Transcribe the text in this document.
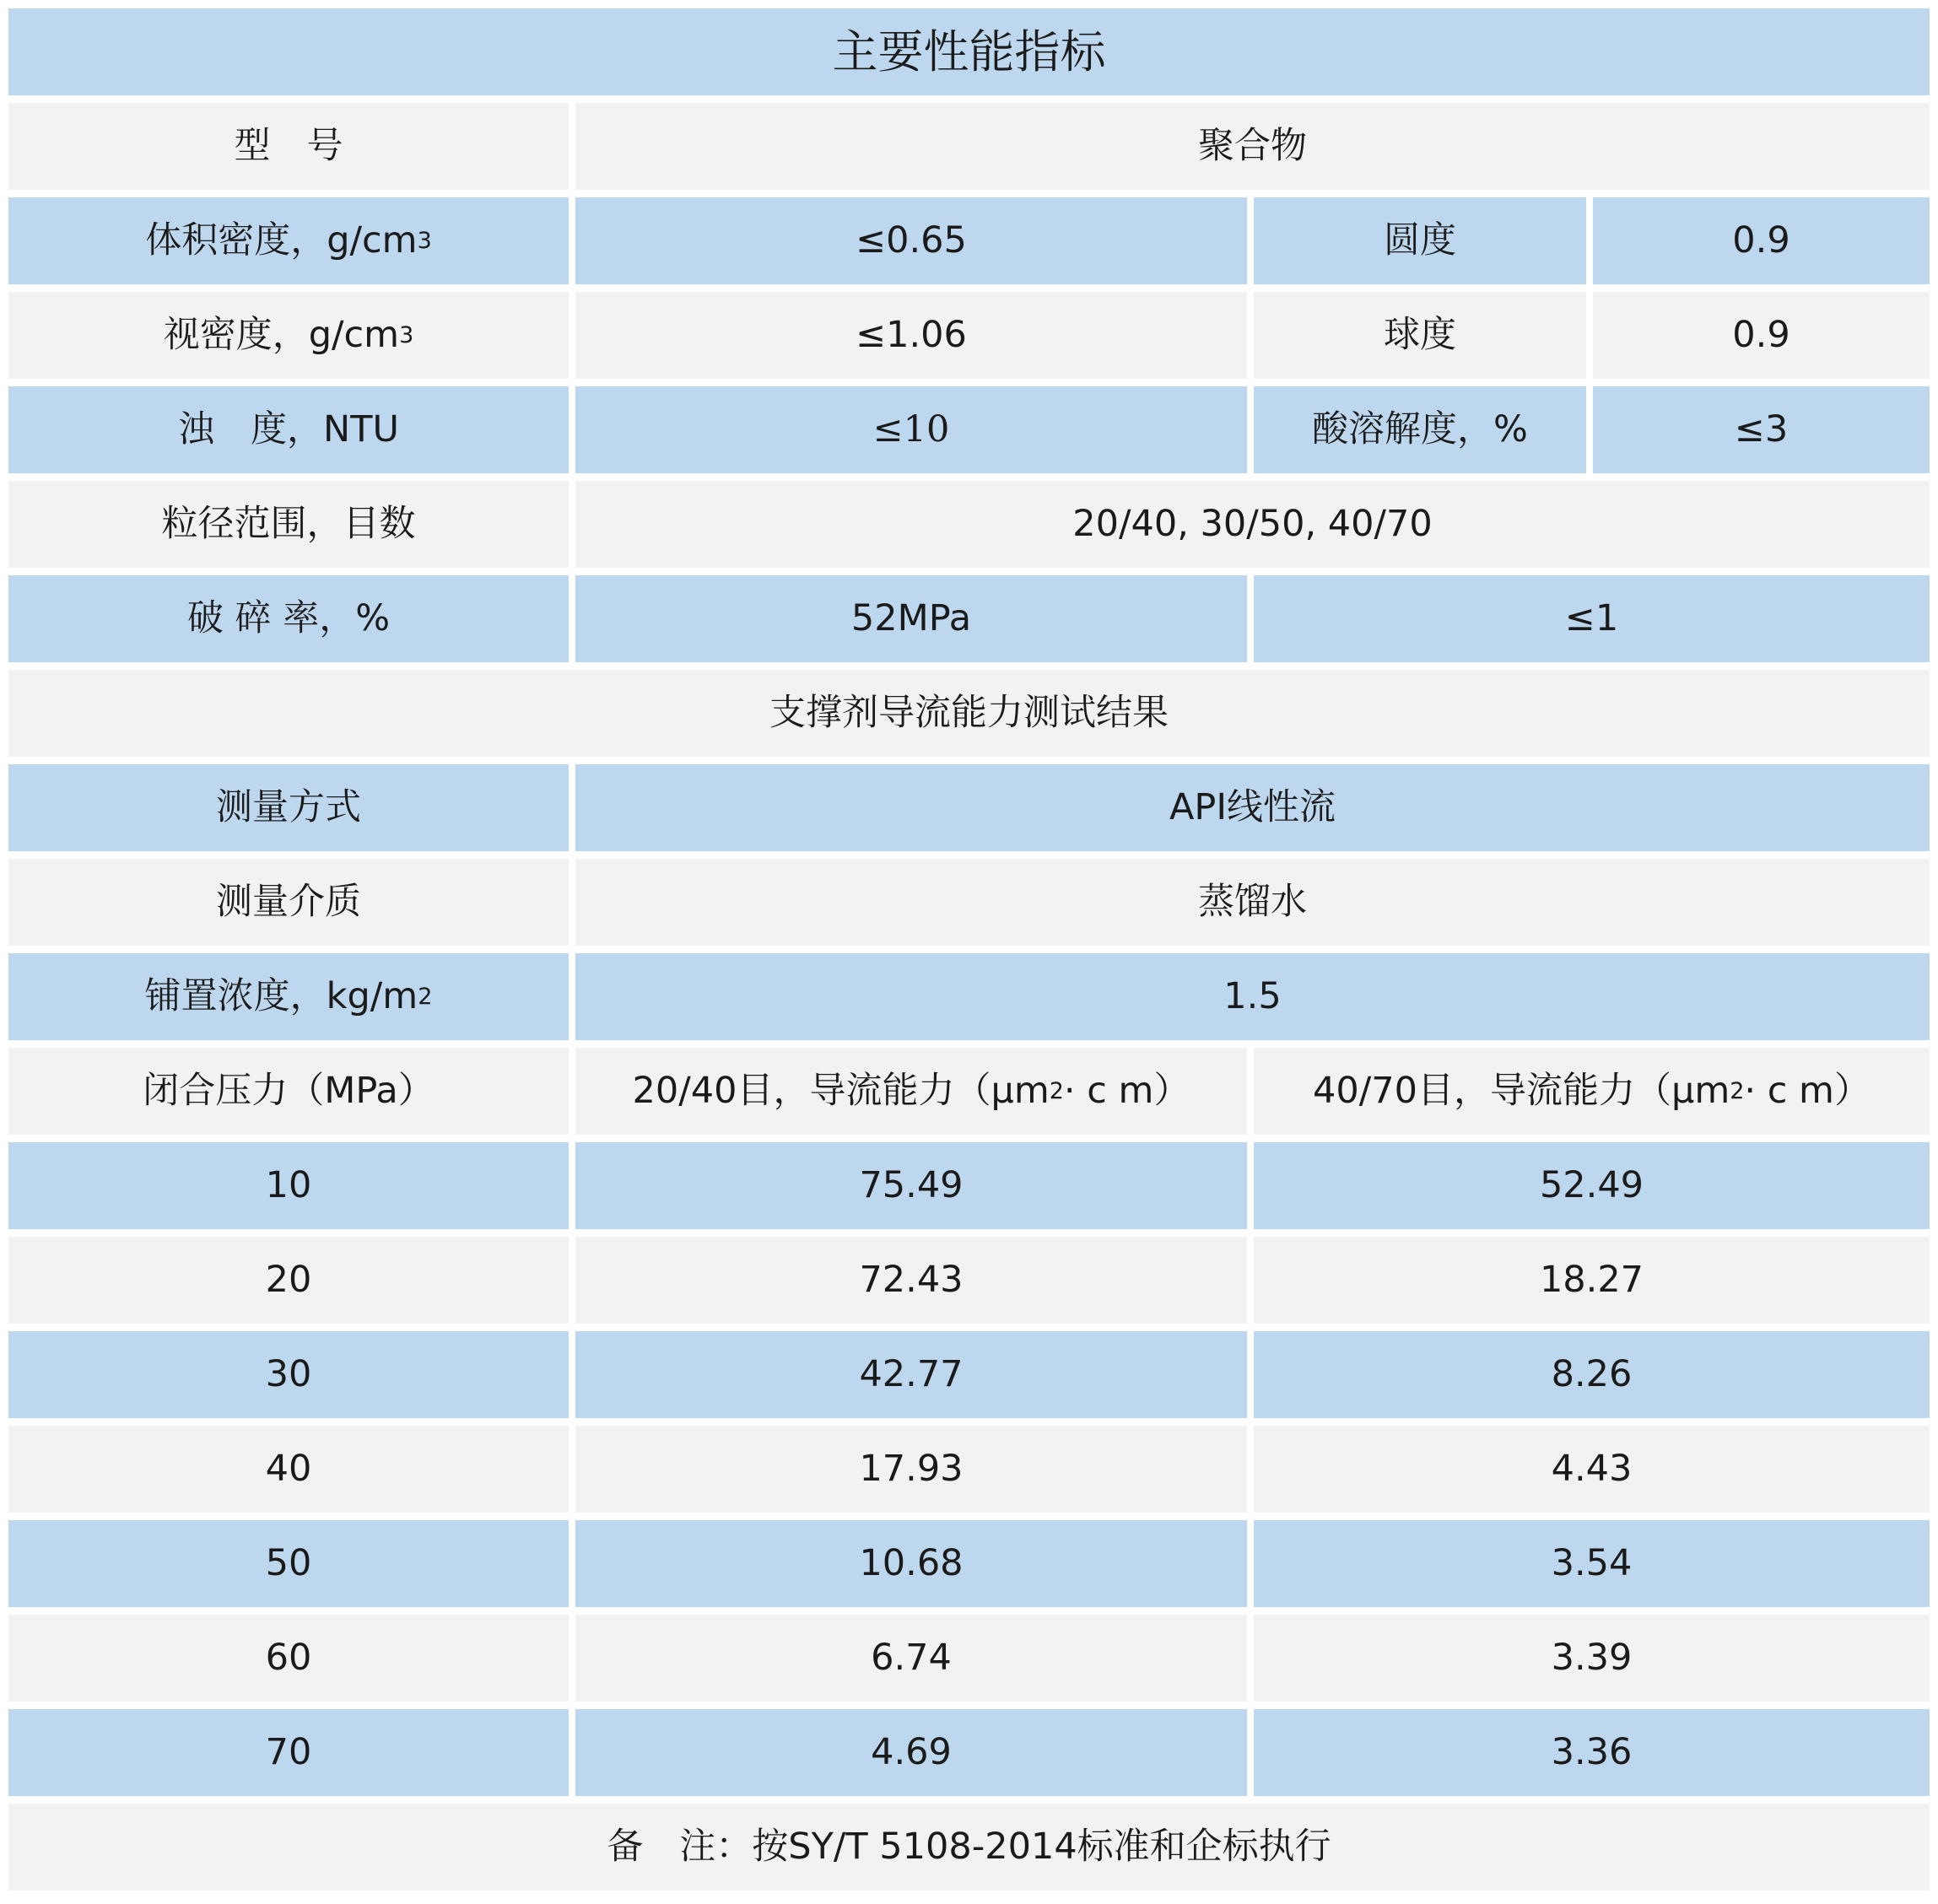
主要性能指标
型　号	聚合物
体积密度，g/cm 3	≤0.65	圆度	0.9
视密度，g/cm 3	≤1.06	球度	0.9
浊　度，NTU	≤10	酸溶解度，%	≤3
粒径范围，目数	20/40, 30/50, 40/70
破 碎 率，%	52MPa	≤1
支撑剂导流能力测试结果
测量方式	API线性流
测量介质	蒸馏水
铺置浓度，kg/m 2	1.5
闭合压力（MPa）	20/40目，导流能力（μm 2 · c m）	40/70目，导流能力（μm 2 · c m）
10	75.49	52.49
20	72.43	18.27
30	42.77	8.26
40	17.93	4.43
50	10.68	3.54
60	6.74	3.39
70	4.69	3.36
备　注：按SY/T 5108-2014标准和企标执行
